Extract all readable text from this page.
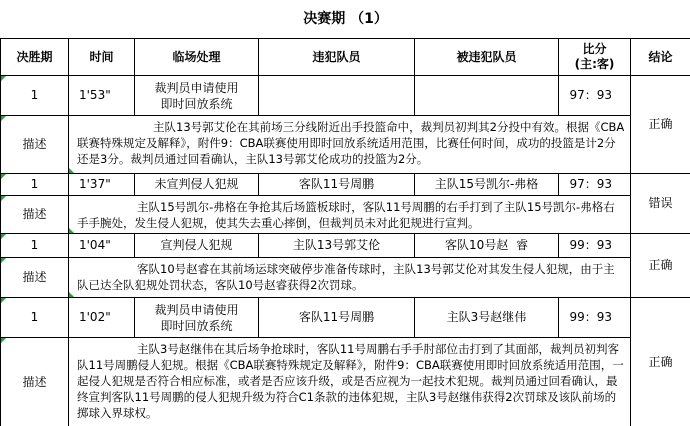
决赛期 （1）						
决胜期	时间	临场处理	违犯队员	被违犯队员	比分
(主:客)	结论

1	1'53"	裁判员申请使用
即时回放系统			97：93	正确

描述	主队13号郭艾伦在其前场三分线附近出手投篮命中，裁判员初判其2分投中有效。根据《CBA联赛特殊规定及解释》，附件9：CBA联赛使用即时回放系统适用范围，比赛任何时间，成功的投篮是计2分还是3分。裁判员通过回看确认，主队13号郭艾伦成功的投篮为2分。					

1	1'37"	未宣判侵人犯规	客队11号周鹏	主队15号凯尔-弗格	97：93	错误

描述	主队15号凯尔-弗格在争抢其后场篮板球时，客队11号周鹏的右手打到了主队15号凯尔-弗格右手手腕处，发生侵人犯规，使其失去重心摔倒，但裁判员未对此犯规进行宣判。					

1	1'04"	宣判侵人犯规	主队13号郭艾伦	客队10号赵  睿	99：93	正确

描述	客队10号赵睿在其前场运球突破停步准备传球时，主队13号郭艾伦对其发生侵人犯规，由于主队已达全队犯规处罚状态，客队10号赵睿获得2次罚球。					

1	1'02"	裁判员申请使用
即时回放系统	客队11号周鹏	主队3号赵继伟	99：93	正确

描述	主队3号赵继伟在其后场争抢球时，客队11号周鹏右手手肘部位击打到了其面部，裁判员初判客队11号周鹏侵人犯规。根据《CBA联赛特殊规定及解释》，附件9：CBA联赛使用即时回放系统适用范围，一起侵人犯规是否符合相应标准，或者是否应该升级，或是否应视为一起技术犯规。裁判员通过回看确认，最终宣判客队11号周鹏的侵人犯规升级为符合C1条款的违体犯规，主队3号赵继伟获得2次罚球及该队前场的掷球入界球权。					
